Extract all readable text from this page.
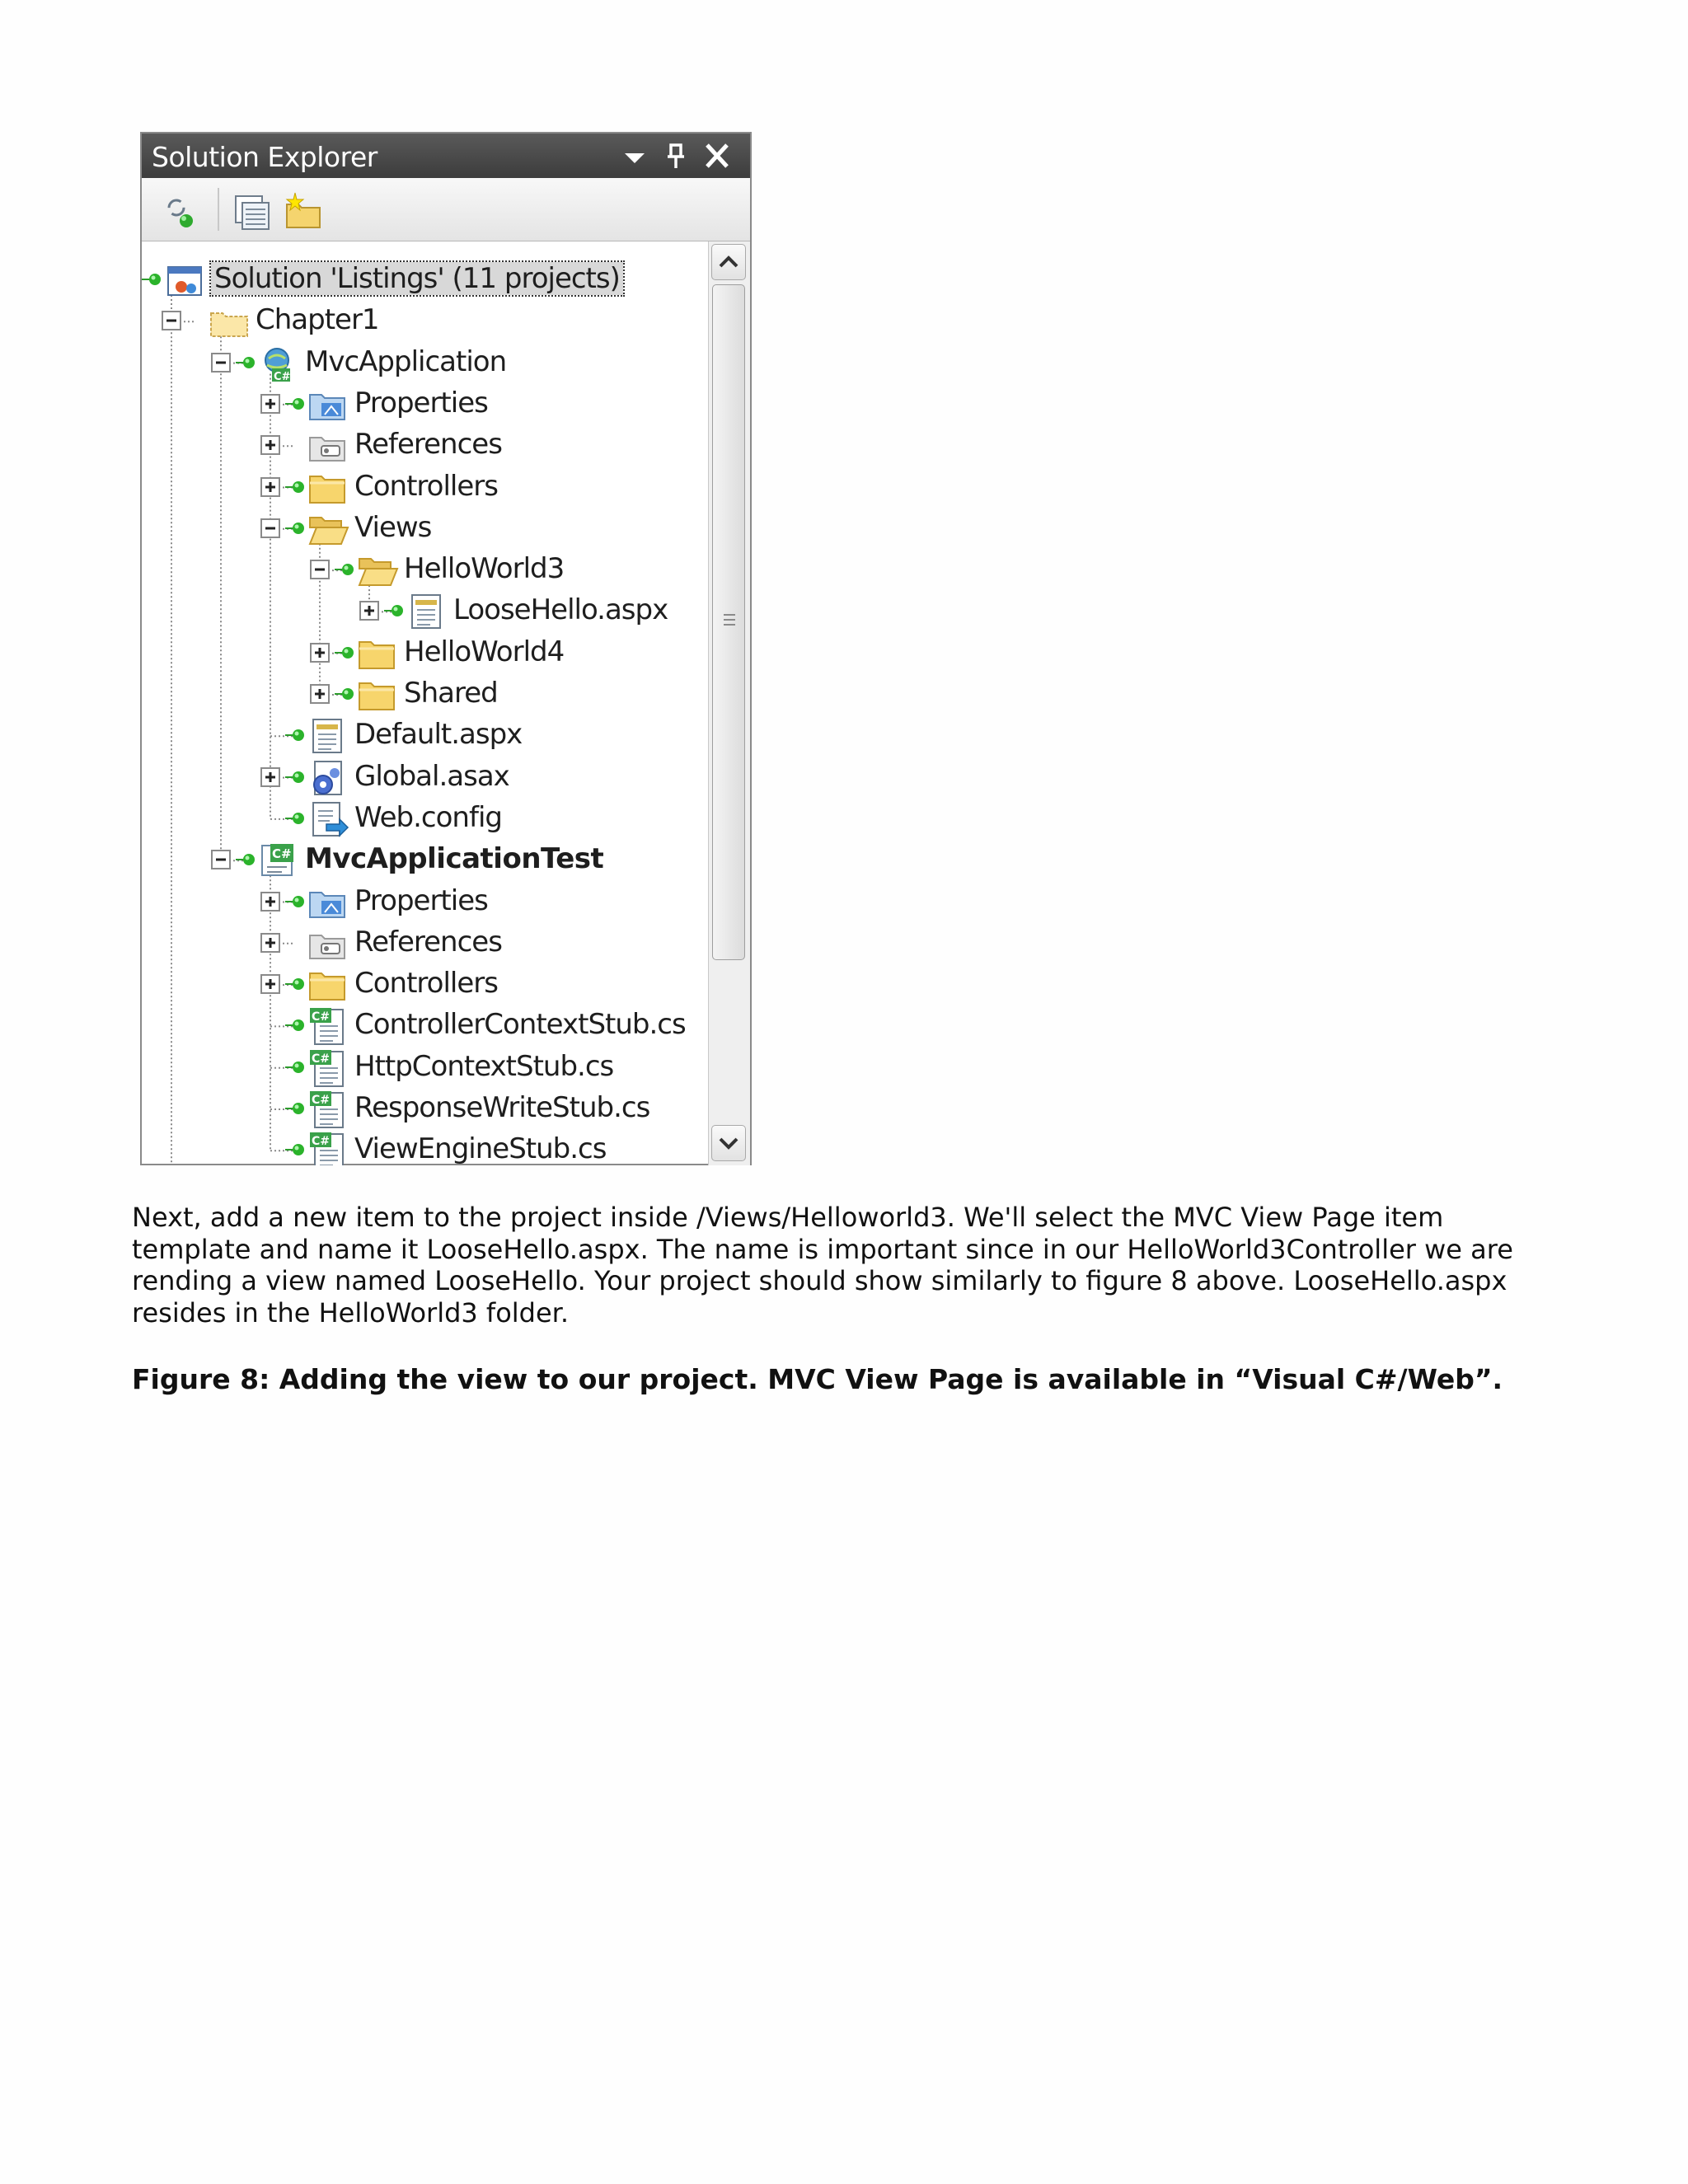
Solution Explorer
Solution 'Listings' (11 projects)
Chapter1
C# MvcApplication
Properties
References
Controllers
Views
HelloWorld3
LooseHello.aspx
HelloWorld4
Shared
Default.aspx
Global.asax
Web.config
C# MvcApplicationTest
Properties
References
Controllers
C# ControllerContextStub.cs
C# HttpContextStub.cs
C# ResponseWriteStub.cs
C# ViewEngineStub.cs
Next, add a new item to the project inside /Views/Helloworld3. We'll select the MVC View Page item
template and name it LooseHello.aspx. The name is important since in our HelloWorld3Controller we are
rending a view named LooseHello. Your project should show similarly to figure 8 above. LooseHello.aspx
resides in the HelloWorld3 folder.
Figure 8: Adding the view to our project. MVC View Page is available in “Visual C#/Web”.
